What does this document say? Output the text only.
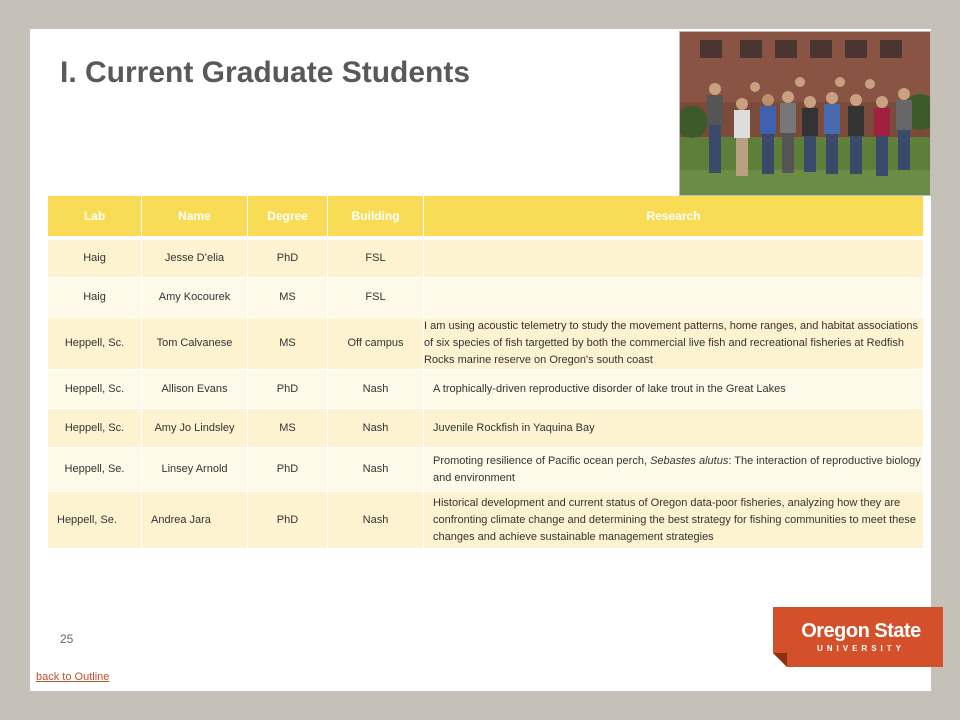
I. Current Graduate Students
Lab	Name	Degree	Building	Research
Haig	Jesse D’elia	PhD	FSL	
Haig	Amy Kocourek	MS	FSL	
Heppell, Sc.	Tom Calvanese	MS	Off campus	I am using acoustic telemetry to study the movement patterns, home ranges, and habitat associations of six species of fish targetted by both the commercial live fish and recreational fisheries at Redfish Rocks marine reserve on Oregon's south coast
Heppell, Sc.	Allison Evans	PhD	Nash	A trophically-driven reproductive disorder of lake trout in the Great Lakes
Heppell, Sc.	Amy Jo Lindsley	MS	Nash	Juvenile Rockfish in Yaquina Bay
Heppell, Se.	Linsey Arnold	PhD	Nash	Promoting resilience of Pacific ocean perch, Sebastes alutus: The interaction of reproductive biology and environment
Heppell, Se.	Andrea Jara	PhD	Nash	Historical development and current status of Oregon data-poor fisheries, analyzing how they are confronting climate change and determining the best strategy for fishing communities to meet these changes and achieve sustainable management strategies
25
back to Outline
Oregon State
UNIVERSITY
